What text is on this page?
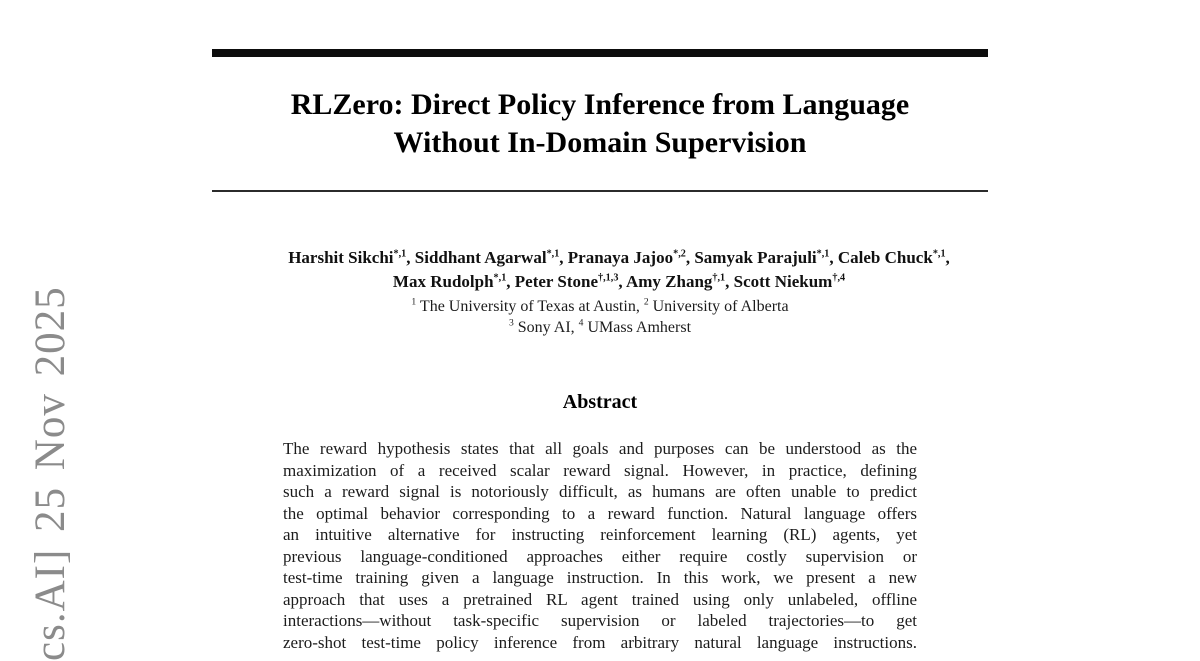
cs.AI] 25 Nov 2025
RLZero: Direct Policy Inference from Language
Without In-Domain Supervision
Harshit Sikchi$^{*,1}$, Siddhant Agarwal$^{*,1}$, Pranaya Jajoo$^{*,2}$, Samyak Parajuli$^{*,1}$, Caleb Chuck$^{*,1}$,
Max Rudolph$^{*,1}$, Peter Stone$^{\dagger,1,3}$, Amy Zhang$^{\dagger,1}$, Scott Niekum$^{\dagger,4}$
$^1$ The University of Texas at Austin, $^2$ University of Alberta
$^3$ Sony AI, $^4$ UMass Amherst
Abstract
The reward hypothesis states that all goals and purposes can be understood as the
maximization of a received scalar reward signal. However, in practice, defining
such a reward signal is notoriously difficult, as humans are often unable to predict
the optimal behavior corresponding to a reward function. Natural language offers
an intuitive alternative for instructing reinforcement learning (RL) agents, yet
previous language-conditioned approaches either require costly supervision or
test-time training given a language instruction. In this work, we present a new
approach that uses a pretrained RL agent trained using only unlabeled, offline
interactions—without task-specific supervision or labeled trajectories—to get
zero-shot test-time policy inference from arbitrary natural language instructions.
